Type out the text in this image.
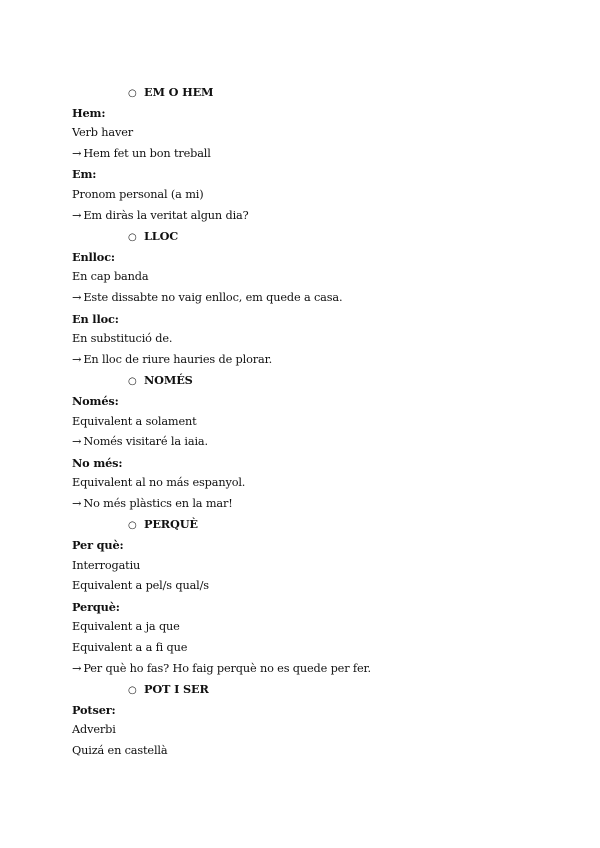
○ EM O HEM
Hem:
Verb haver
→ Hem fet un bon treball
Em:
Pronom personal (a mi)
→ Em diràs la veritat algun dia?
○ LLOC
Enlloc:
En cap banda
→ Este dissabte no vaig enlloc, em quede a casa.
En lloc:
En substitució de.
→ En lloc de riure hauries de plorar.
○ NOMÉS
Només:
Equivalent a solament
→ Només visitaré la iaia.
No més:
Equivalent al no más espanyol.
→ No més plàstics en la mar!
○ PERQUÈ
Per què:
Interrogatiu
Equivalent a pel/s qual/s
Perquè:
Equivalent a ja que
Equivalent a a fi que
→ Per què ho fas? Ho faig perquè no es quede per fer.
○ POT I SER
Potser:
Adverbi
Quizá en castellà
